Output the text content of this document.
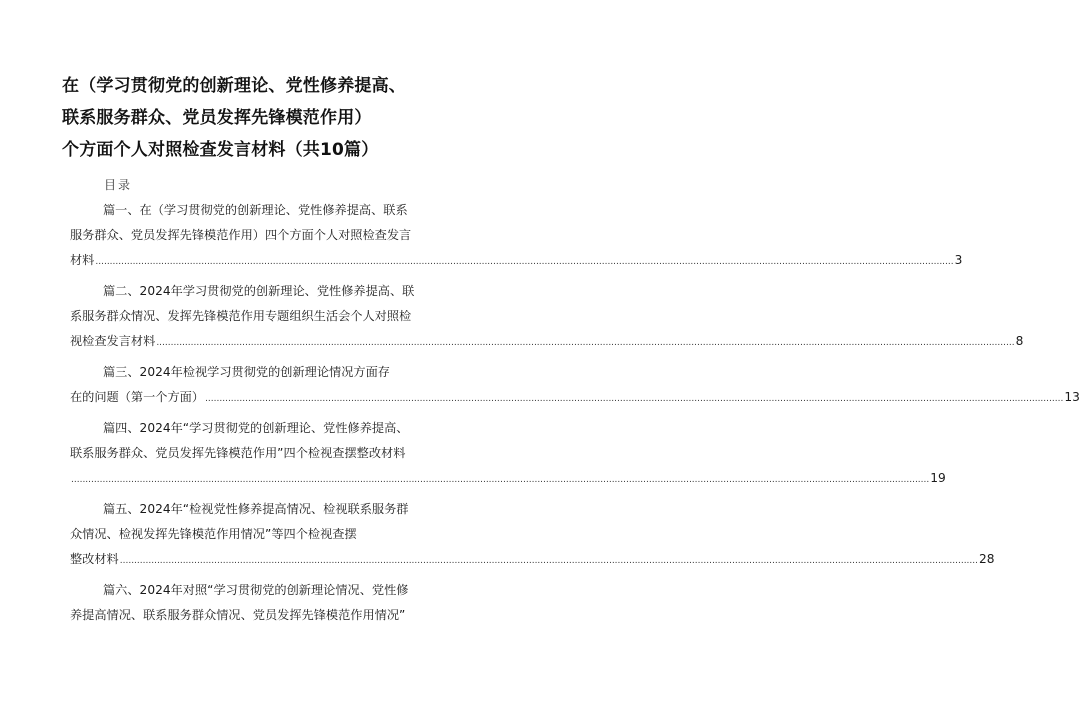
在（学习贯彻党的创新理论、党性修养提高、
联系服务群众、党员发挥先锋模范作用）
个方面个人对照检查发言材料（共10篇）
目录
篇一、在（学习贯彻党的创新理论、党性修养提高、联系
服务群众、党员发挥先锋模范作用）四个方面个人对照检查发言
材料 ............................................................................................................................................................................................................................................................................................................ 3
篇二、2024年学习贯彻党的创新理论、党性修养提高、联
系服务群众情况、发挥先锋模范作用专题组织生活会个人对照检
视检查发言材料 ............................................................................................................................................................................................................................................................................................................ 8
篇三、2024年检视学习贯彻党的创新理论情况方面存
在的问题（第一个方面） ............................................................................................................................................................................................................................................................................................................ 13
篇四、2024年“学习贯彻党的创新理论、党性修养提高、
联系服务群众、党员发挥先锋模范作用”四个检视查摆整改材料
............................................................................................................................................................................................................................................................................................................ 19
篇五、2024年“检视党性修养提高情况、检视联系服务群
众情况、检视发挥先锋模范作用情况”等四个检视查摆
整改材料 ............................................................................................................................................................................................................................................................................................................ 28
篇六、2024年对照“学习贯彻党的创新理论情况、党性修
养提高情况、联系服务群众情况、党员发挥先锋模范作用情况”
